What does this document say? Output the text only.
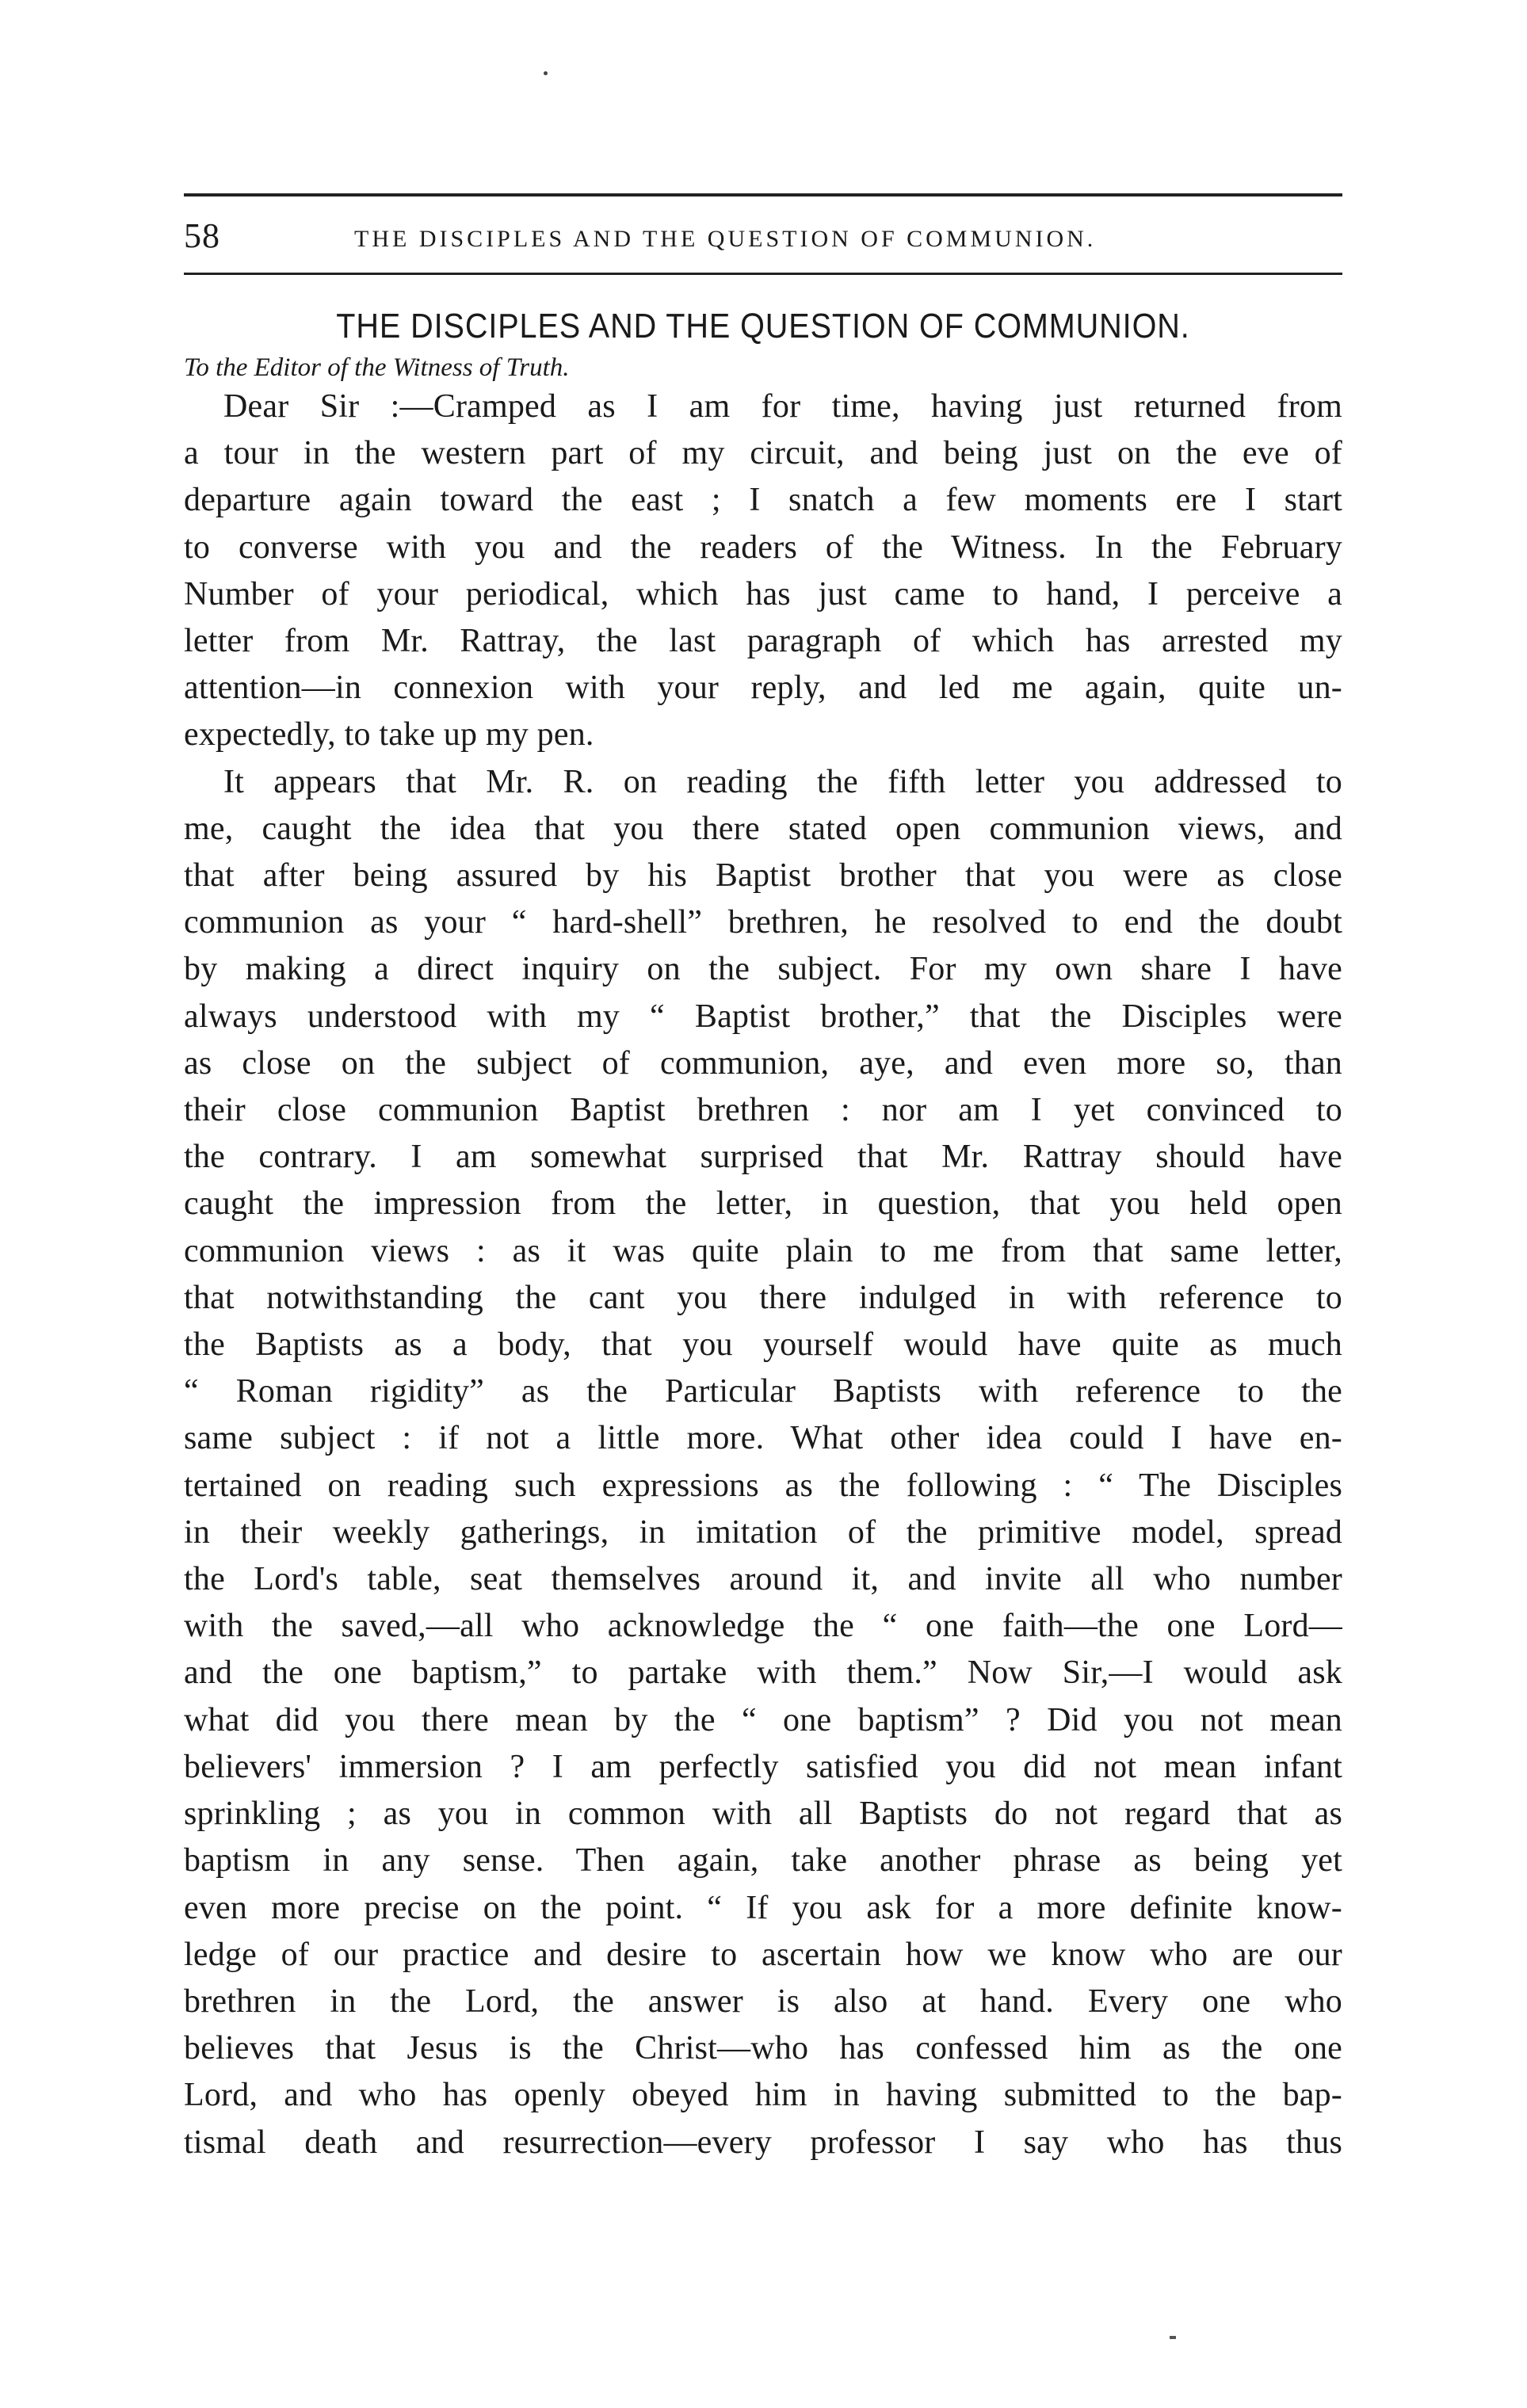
58	THE DISCIPLES AND THE QUESTION OF COMMUNION.
THE DISCIPLES AND THE QUESTION OF COMMUNION.
To the Editor of the Witness of Truth.

Dear Sir :—Cramped as I am for time, having just returned from
a tour in the western part of my circuit, and being just on the eve of
departure again toward the east ; I snatch a few moments ere I start
to converse with you and the readers of the Witness. In the February
Number of your periodical, which has just came to hand, I perceive a
letter from Mr. Rattray, the last paragraph of which has arrested my
attention—in connexion with your reply, and led me again, quite un-
expectedly, to take up my pen.

It appears that Mr. R. on reading the fifth letter you addressed to
me, caught the idea that you there stated open communion views, and
that after being assured by his Baptist brother that you were as close
communion as your “ hard-shell” brethren, he resolved to end the doubt
by making a direct inquiry on the subject. For my own share I have
always understood with my “ Baptist brother,” that the Disciples were
as close on the subject of communion, aye, and even more so, than
their close communion Baptist brethren : nor am I yet convinced to
the contrary. I am somewhat surprised that Mr. Rattray should have
caught the impression from the letter, in question, that you held open
communion views : as it was quite plain to me from that same letter,
that notwithstanding the cant you there indulged in with reference to
the Baptists as a body, that you yourself would have quite as much
“ Roman rigidity” as the Particular Baptists with reference to the
same subject : if not a little more. What other idea could I have en-
tertained on reading such expressions as the following : “ The Disciples
in their weekly gatherings, in imitation of the primitive model, spread
the Lord's table, seat themselves around it, and invite all who number
with the saved,—all who acknowledge the “ one faith—the one Lord—
and the one baptism,” to partake with them.” Now Sir,—I would ask
what did you there mean by the “ one baptism” ? Did you not mean
believers' immersion ? I am perfectly satisfied you did not mean infant
sprinkling ; as you in common with all Baptists do not regard that as
baptism in any sense. Then again, take another phrase as being yet
even more precise on the point. “ If you ask for a more definite know-
ledge of our practice and desire to ascertain how we know who are our
brethren in the Lord, the answer is also at hand. Every one who
believes that Jesus is the Christ—who has confessed him as the one
Lord, and who has openly obeyed him in having submitted to the bap-
tismal death and resurrection—every professor I say who has thus
